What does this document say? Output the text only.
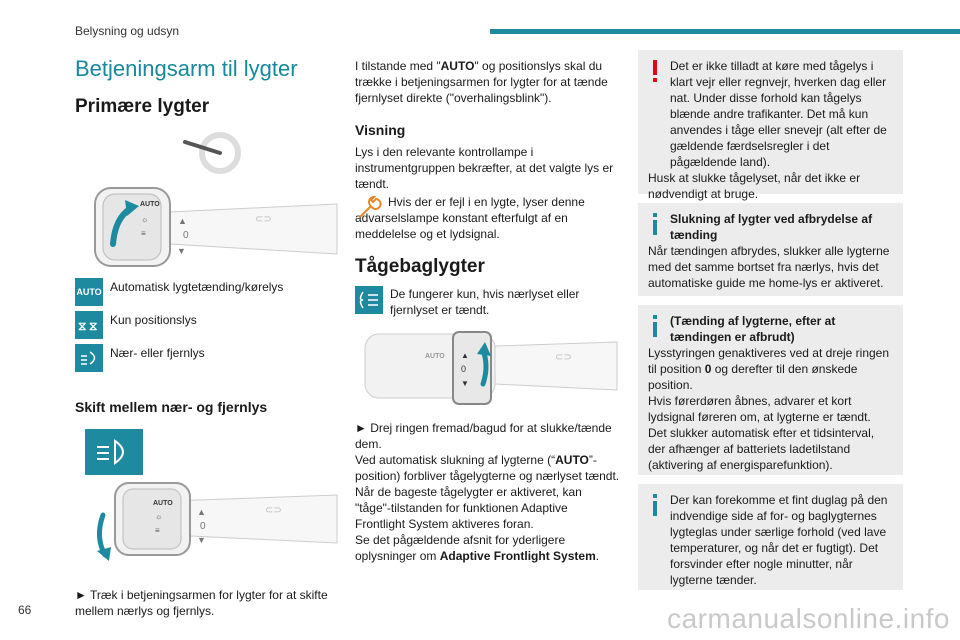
Belysning og udsyn
Betjeningsarm til lygter
Primære lygter
AUTO
☼
≡
▲
0
▼
⊂⊃
AUTO Automatisk lygtetænding/kørelys
⧖ ⧖ Kun positionslys
Nær- eller fjernlys
Skift mellem nær- og fjernlys
AUTO
☼
≡
▲
0
▼
⊂⊃

► Træk i betjeningsarmen for lygter for at skifte mellem nærlys og fjernlys.

I tilstande med "AUTO" og positionslys skal du trække i betjeningsarmen for lygter for at tænde fjernlyset direkte ("overhalingsblink").

Visning

Lys i den relevante kontrollampe i instrumentgruppen bekræfter, at det valgte lys er tændt.

Hvis der er fejl i en lygte, lyser denne advarselslampe konstant efterfulgt af en meddelelse og et lydsignal.

Tågebaglygter

De fungerer kun, hvis nærlyset eller fjernlyset er tændt.

AUTO ▲
0
▼
⊂⊃

► Drej ringen fremad/bagud for at slukke/tænde dem.

Ved automatisk slukning af lygterne (“AUTO”-position) forbliver tågelygterne og nærlyset tændt.

Når de bageste tågelygter er aktiveret, kan "tåge"-tilstanden for funktionen Adaptive Frontlight System aktiveres foran.

Se det pågældende afsnit for yderligere oplysninger om Adaptive Frontlight System.

Det er ikke tilladt at køre med tågelys i klart vejr eller regnvejr, hverken dag eller nat. Under disse forhold kan tågelys blænde andre trafikanter. Det må kun anvendes i tåge eller snevejr (alt efter de gældende færdselsregler i det pågældende land).

Husk at slukke tågelyset, når det ikke er nødvendigt at bruge.

Slukning af lygter ved afbrydelse af tænding

Når tændingen afbrydes, slukker alle lygterne med det samme bortset fra nærlys, hvis det automatiske guide me home-lys er aktiveret.

(Tænding af lygterne, efter at tændingen er afbrudt)

Lysstyringen genaktiveres ved at dreje ringen til position 0 og derefter til den ønskede position.

Hvis førerdøren åbnes, advarer et kort lydsignal føreren om, at lygterne er tændt.

Det slukker automatisk efter et tidsinterval, der afhænger af batteriets ladetilstand (aktivering af energisparefunktion).

Der kan forekomme et fint duglag på den indvendige side af for- og baglygternes lygteglas under særlige forhold (ved lave temperaturer, og når det er fugtigt). Det forsvinder efter nogle minutter, når lygterne tænder.

66	carmanualsonline.info
